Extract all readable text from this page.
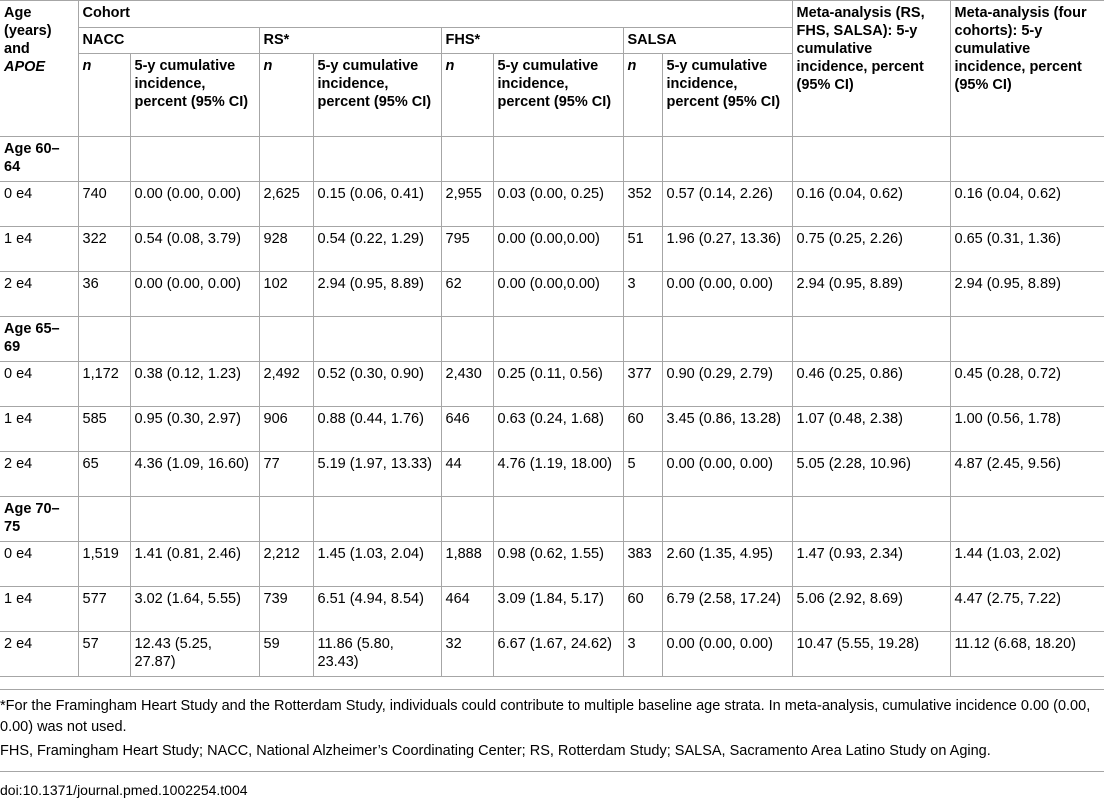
Age
(years)
and
APOE	Cohort								Meta-analysis (RS, FHS, SALSA): 5-y cumulative incidence, percent (95% CI)	Meta-analysis (four cohorts): 5-y cumulative incidence, percent (95% CI)
	NACC		RS*		FHS*		SALSA			
	n	5-y cumulative incidence, percent (95% CI)	n	5-y cumulative incidence, percent (95% CI)	n	5-y cumulative incidence, percent (95% CI)	n	5-y cumulative incidence, percent (95% CI)		
Age 60–64										
0 e4	740	0.00 (0.00, 0.00)	2,625	0.15 (0.06, 0.41)	2,955	0.03 (0.00, 0.25)	352	0.57 (0.14, 2.26)	0.16 (0.04, 0.62)	0.16 (0.04, 0.62)
1 e4	322	0.54 (0.08, 3.79)	928	0.54 (0.22, 1.29)	795	0.00 (0.00,0.00)	51	1.96 (0.27, 13.36)	0.75 (0.25, 2.26)	0.65 (0.31, 1.36)
2 e4	36	0.00 (0.00, 0.00)	102	2.94 (0.95, 8.89)	62	0.00 (0.00,0.00)	3	0.00 (0.00, 0.00)	2.94 (0.95, 8.89)	2.94 (0.95, 8.89)
Age 65–69										
0 e4	1,172	0.38 (0.12, 1.23)	2,492	0.52 (0.30, 0.90)	2,430	0.25 (0.11, 0.56)	377	0.90 (0.29, 2.79)	0.46 (0.25, 0.86)	0.45 (0.28, 0.72)
1 e4	585	0.95 (0.30, 2.97)	906	0.88 (0.44, 1.76)	646	0.63 (0.24, 1.68)	60	3.45 (0.86, 13.28)	1.07 (0.48, 2.38)	1.00 (0.56, 1.78)
2 e4	65	4.36 (1.09, 16.60)	77	5.19 (1.97, 13.33)	44	4.76 (1.19, 18.00)	5	0.00 (0.00, 0.00)	5.05 (2.28, 10.96)	4.87 (2.45, 9.56)
Age 70–75										
0 e4	1,519	1.41 (0.81, 2.46)	2,212	1.45 (1.03, 2.04)	1,888	0.98 (0.62, 1.55)	383	2.60 (1.35, 4.95)	1.47 (0.93, 2.34)	1.44 (1.03, 2.02)
1 e4	577	3.02 (1.64, 5.55)	739	6.51 (4.94, 8.54)	464	3.09 (1.84, 5.17)	60	6.79 (2.58, 17.24)	5.06 (2.92, 8.69)	4.47 (2.75, 7.22)
2 e4	57	12.43 (5.25, 27.87)	59	11.86 (5.80, 23.43)	32	6.67 (1.67, 24.62)	3	0.00 (0.00, 0.00)	10.47 (5.55, 19.28)	11.12 (6.68, 18.20)
*For the Framingham Heart Study and the Rotterdam Study, individuals could contribute to multiple baseline age strata. In meta-analysis, cumulative incidence 0.00 (0.00, 0.00) was not used.
FHS, Framingham Heart Study; NACC, National Alzheimer’s Coordinating Center; RS, Rotterdam Study; SALSA, Sacramento Area Latino Study on Aging.
doi:10.1371/journal.pmed.1002254.t004
